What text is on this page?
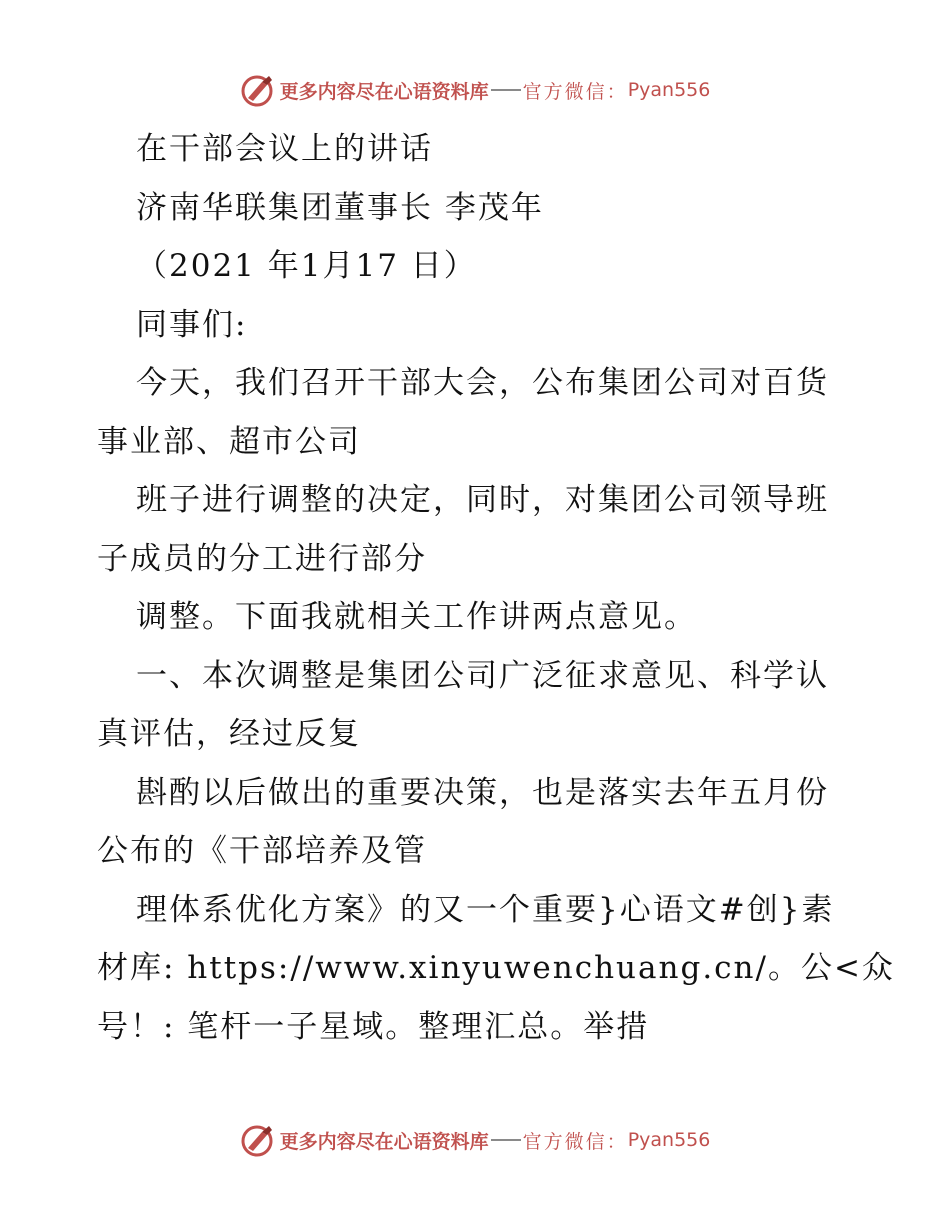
更多内容尽在心语资料库 官方微信： Pyan556
在干部会议上的讲话
济南华联集团董事长 李茂年
（2021 年1月17 日）
同事们:
今天，我们召开干部大会，公布集团公司对百货
事业部、超市公司
班子进行调整的决定，同时，对集团公司领导班
子成员的分工进行部分
调整。下面我就相关工作讲两点意见。
一、本次调整是集团公司广泛征求意见、科学认
真评估，经过反复
斟酌以后做出的重要决策，也是落实去年五月份
公布的《干部培养及管
理体系优化方案》的又一个重要}心语文#创}素
材库: https://www.xinyuwenchuang.cn/。公<众
号！: 笔杆一子星域。整理汇总。举措
更多内容尽在心语资料库 官方微信： Pyan556
